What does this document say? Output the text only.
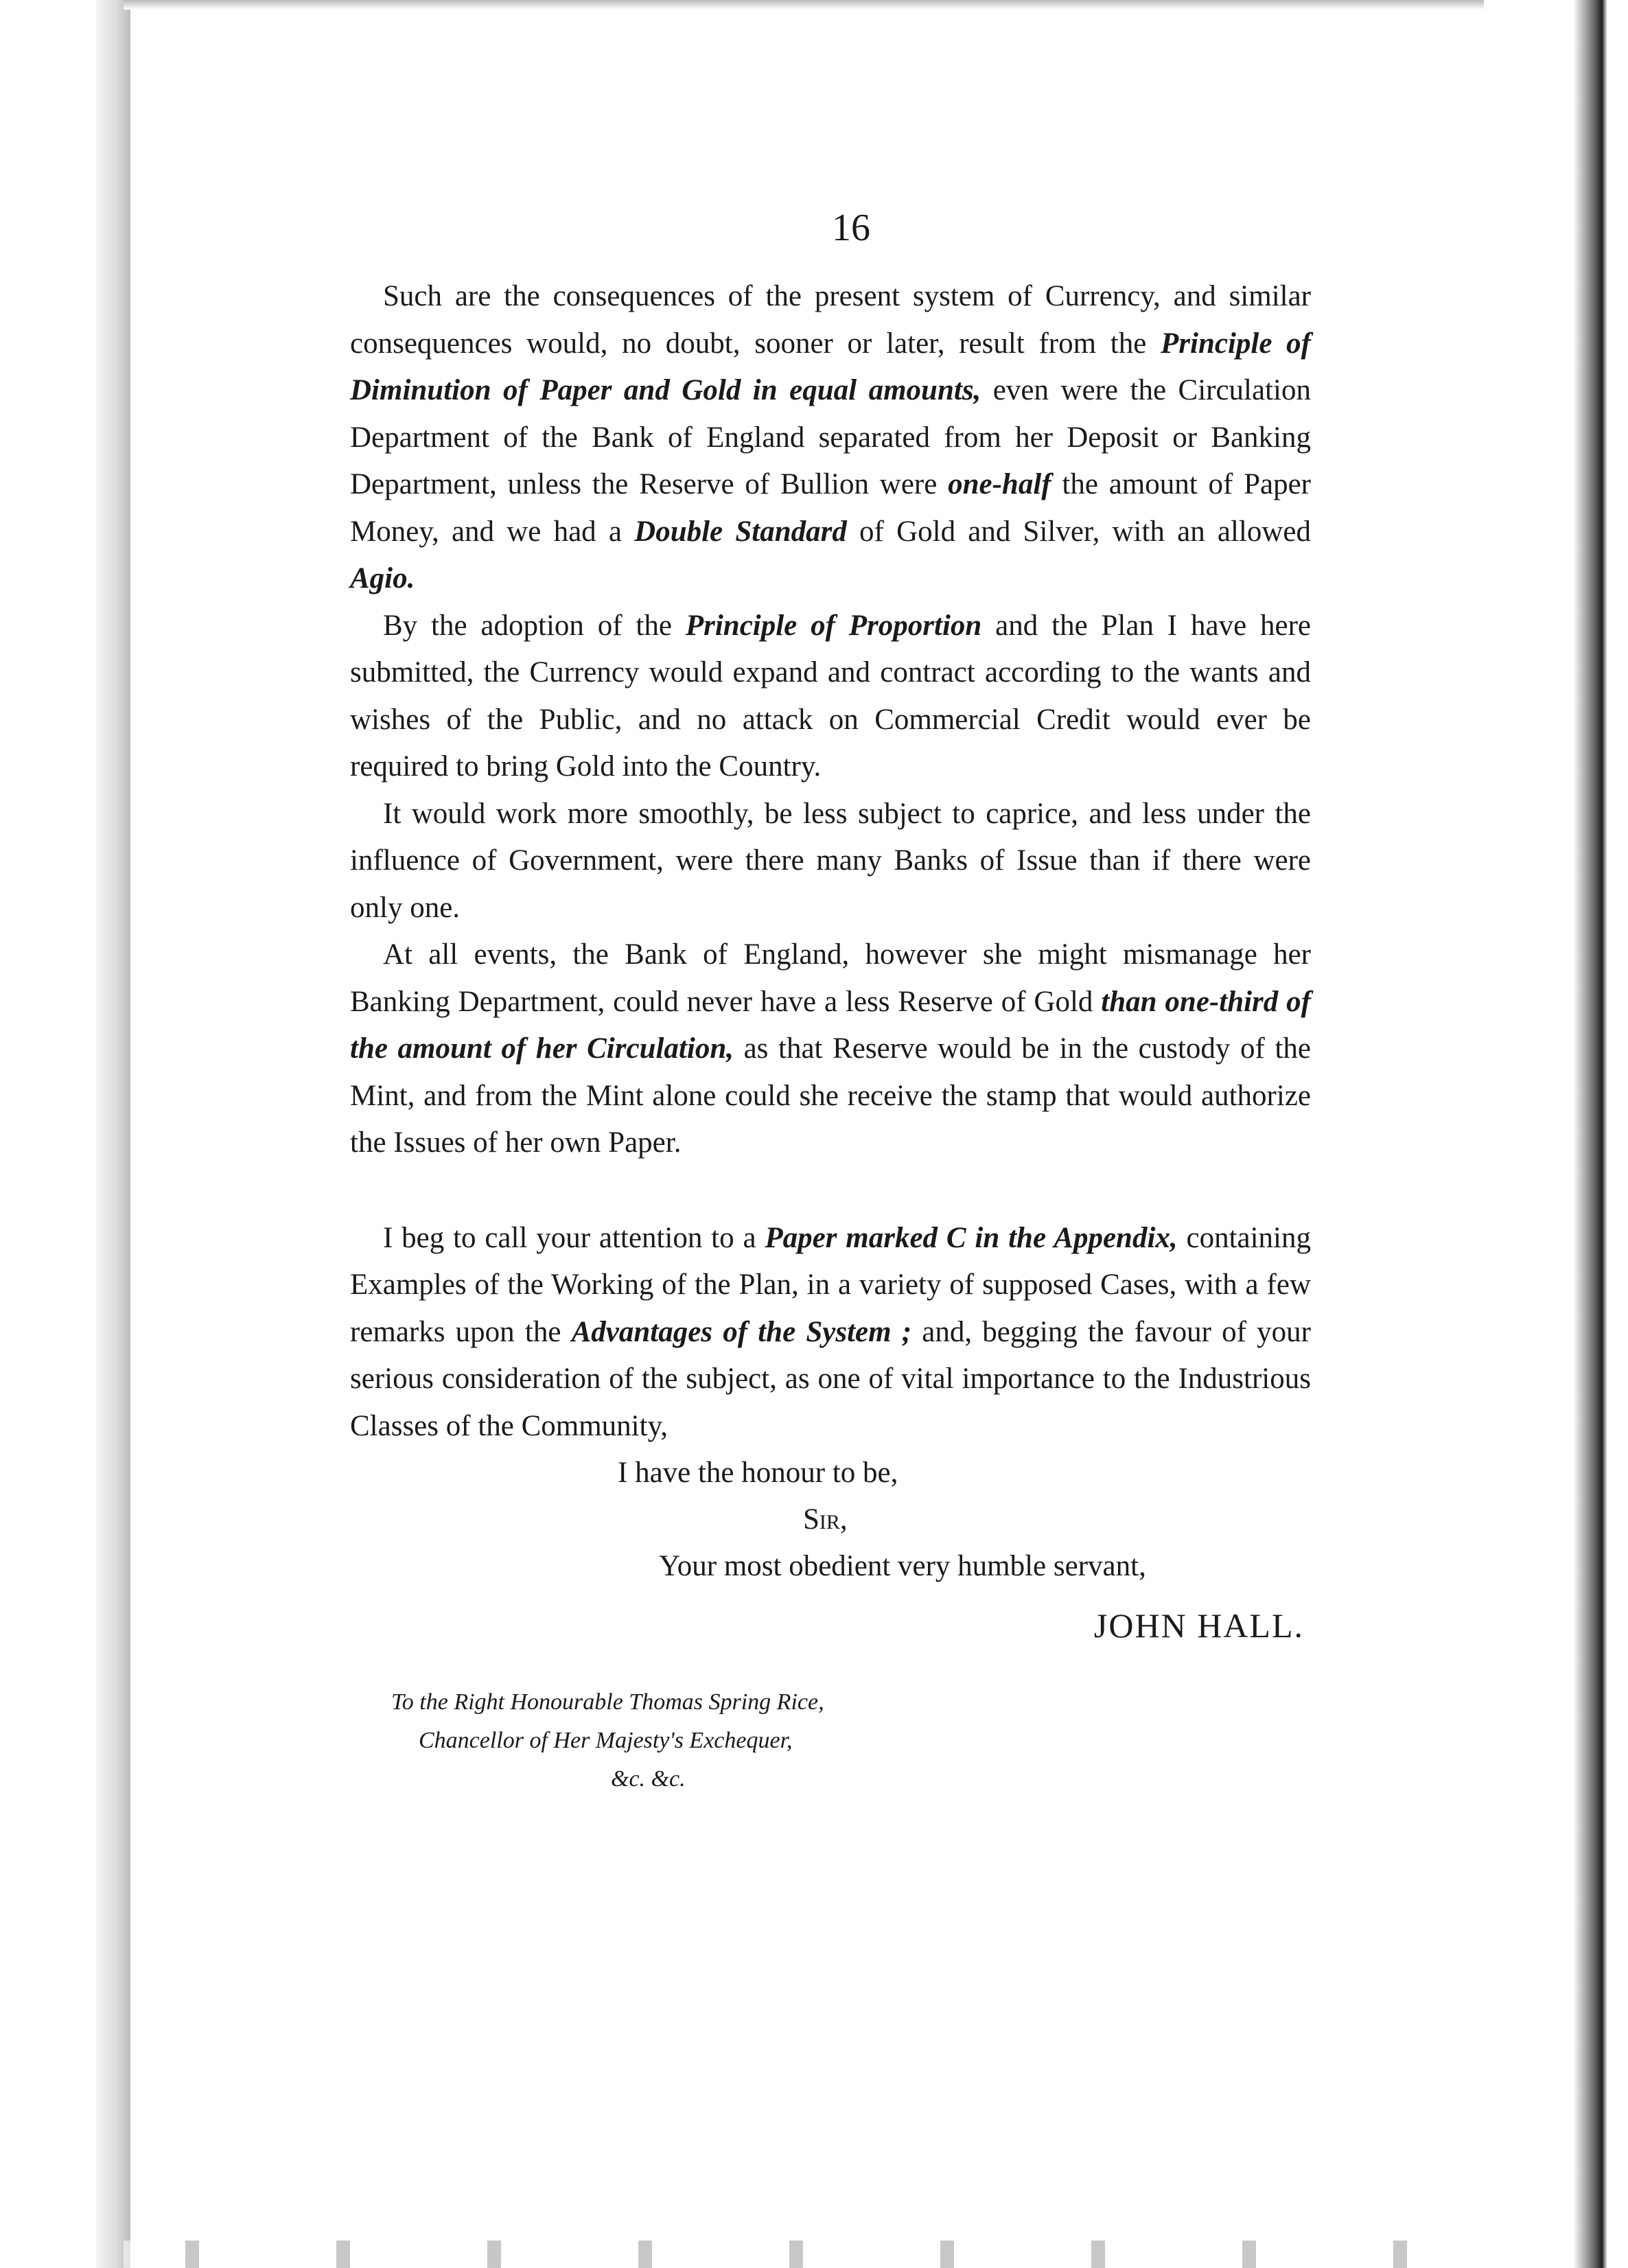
16

Such are the consequences of the present system of Currency, and similar consequences would, no doubt, sooner or later, result from the Principle of Diminution of Paper and Gold in equal amounts, even were the Circulation Department of the Bank of England separated from her Deposit or Banking Department, unless the Reserve of Bullion were one-half the amount of Paper Money, and we had a Double Standard of Gold and Silver, with an allowed Agio.

By the adoption of the Principle of Proportion and the Plan I have here submitted, the Currency would expand and contract according to the wants and wishes of the Public, and no attack on Commercial Credit would ever be required to bring Gold into the Country.

It would work more smoothly, be less subject to caprice, and less under the influence of Government, were there many Banks of Issue than if there were only one.

At all events, the Bank of England, however she might mismanage her Banking Department, could never have a less Reserve of Gold than one-third of the amount of her Circulation, as that Reserve would be in the custody of the Mint, and from the Mint alone could she receive the stamp that would authorize the Issues of her own Paper.

I beg to call your attention to a Paper marked C in the Appendix, containing Examples of the Working of the Plan, in a variety of supposed Cases, with a few remarks upon the Advantages of the System ; and, begging the favour of your serious consideration of the subject, as one of vital importance to the Industrious Classes of the Community,

I have the honour to be,
Sir,
Your most obedient very humble servant,
JOHN HALL.
To the Right Honourable Thomas Spring Rice,
Chancellor of Her Majesty's Exchequer,
&c. &c.
